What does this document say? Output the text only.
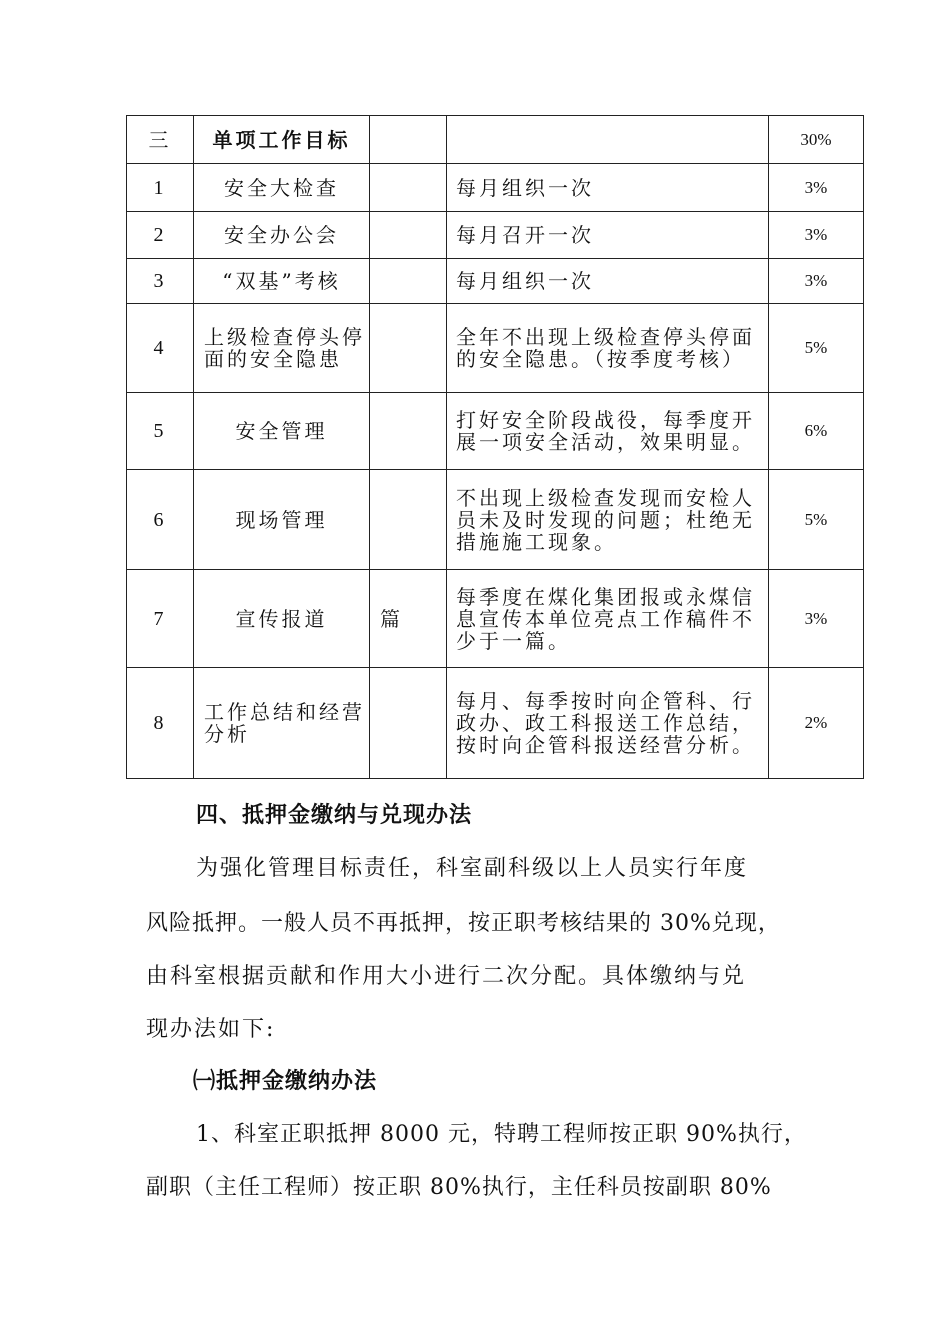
三	单项工作目标			30%
1	安全大检查		每月组织一次	3%
2	安全办公会		每月召开一次	3%
3	“双基”考核		每月组织一次	3%
4	上级检查停头停面的安全隐患		全年不出现上级检查停头停面的安全隐患。（按季度考核）	5%
5	安全管理		打好安全阶段战役，每季度开展一项安全活动，效果明显。	6%
6	现场管理		不出现上级检查发现而安检人员未及时发现的问题；杜绝无措施施工现象。	5%
7	宣传报道	篇	每季度在煤化集团报或永煤信息宣传本单位亮点工作稿件不少于一篇。	3%
8	工作总结和经营分析		每月、每季按时向企管科、行政办、政工科报送工作总结，按时向企管科报送经营分析。	2%
四、抵押金缴纳与兑现办法
为强化管理目标责任，科室副科级以上人员实行年度
风险抵押。一般人员不再抵押，按正职考核结果的 30%兑现，
由科室根据贡献和作用大小进行二次分配。具体缴纳与兑
现办法如下:
㈠抵押金缴纳办法
1、科室正职抵押 8000 元，特聘工程师按正职 90%执行，
副职（主任工程师）按正职 80%执行，主任科员按副职 80%
